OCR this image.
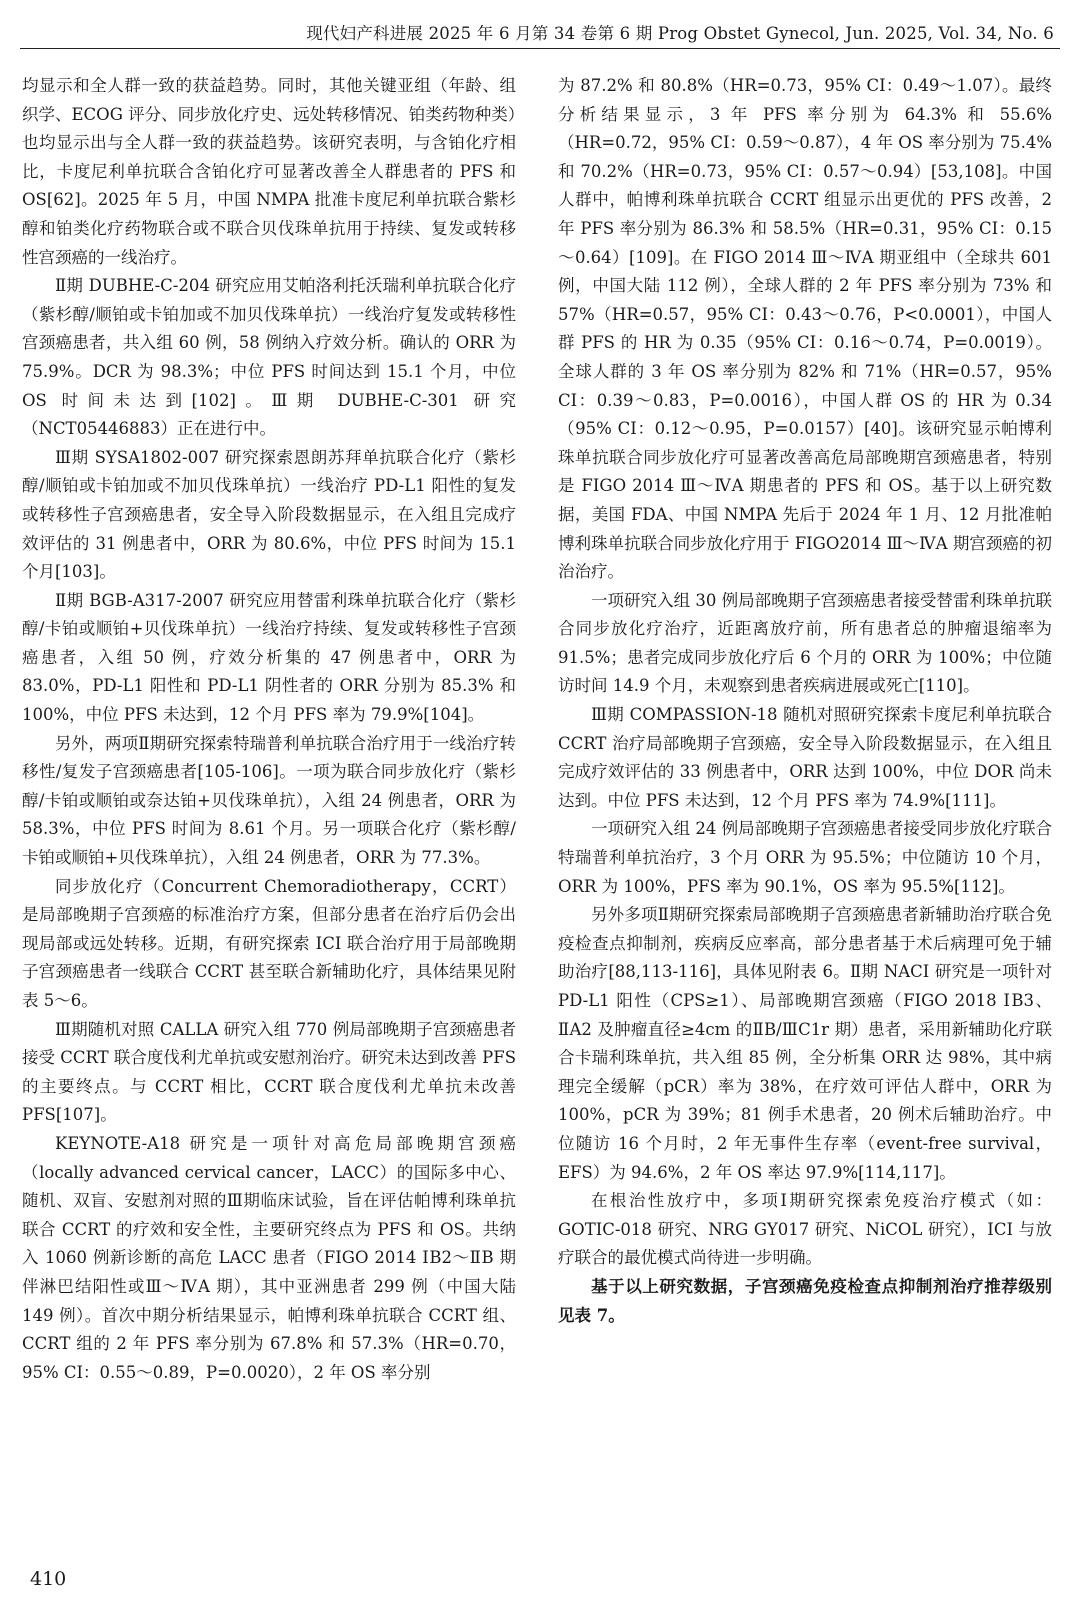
现代妇产科进展 2025 年 6 月第 34 卷第 6 期 Prog Obstet Gynecol, Jun. 2025, Vol. 34, No. 6

均显示和全人群一致的获益趋势。同时，其他关键亚组（年龄、组织学、ECOG 评分、同步放化疗史、远处转移情况、铂类药物种类）也均显示出与全人群一致的获益趋势。该研究表明，与含铂化疗相比，卡度尼利单抗联合含铂化疗可显著改善全人群患者的 PFS 和 OS[62]。2025 年 5 月，中国 NMPA 批准卡度尼利单抗联合紫杉醇和铂类化疗药物联合或不联合贝伐珠单抗用于持续、复发或转移性宫颈癌的一线治疗。

Ⅱ期 DUBHE-C-204 研究应用艾帕洛利托沃瑞利单抗联合化疗（紫杉醇/顺铂或卡铂加或不加贝伐珠单抗）一线治疗复发或转移性宫颈癌患者，共入组 60 例，58 例纳入疗效分析。确认的 ORR 为 75.9%。DCR 为 98.3%；中位 PFS 时间达到 15.1 个月，中位 OS 时间未达到[102]。Ⅲ期 DUBHE-C-301 研究（NCT05446883）正在进行中。

Ⅲ期 SYSA1802-007 研究探索恩朗苏拜单抗联合化疗（紫杉醇/顺铂或卡铂加或不加贝伐珠单抗）一线治疗 PD-L1 阳性的复发或转移性子宫颈癌患者，安全导入阶段数据显示，在入组且完成疗效评估的 31 例患者中，ORR 为 80.6%，中位 PFS 时间为 15.1 个月[103]。

Ⅱ期 BGB-A317-2007 研究应用替雷利珠单抗联合化疗（紫杉醇/卡铂或顺铂+贝伐珠单抗）一线治疗持续、复发或转移性子宫颈癌患者，入组 50 例，疗效分析集的 47 例患者中，ORR 为 83.0%，PD-L1 阳性和 PD-L1 阴性者的 ORR 分别为 85.3% 和 100%，中位 PFS 未达到，12 个月 PFS 率为 79.9%[104]。

另外，两项Ⅱ期研究探索特瑞普利单抗联合治疗用于一线治疗转移性/复发子宫颈癌患者[105-106]。一项为联合同步放化疗（紫杉醇/卡铂或顺铂或奈达铂+贝伐珠单抗），入组 24 例患者，ORR 为 58.3%，中位 PFS 时间为 8.61 个月。另一项联合化疗（紫杉醇/卡铂或顺铂+贝伐珠单抗），入组 24 例患者，ORR 为 77.3%。

同步放化疗（Concurrent Chemoradiotherapy，CCRT）是局部晚期子宫颈癌的标准治疗方案，但部分患者在治疗后仍会出现局部或远处转移。近期，有研究探索 ICI 联合治疗用于局部晚期子宫颈癌患者一线联合 CCRT 甚至联合新辅助化疗，具体结果见附表 5～6。

Ⅲ期随机对照 CALLA 研究入组 770 例局部晚期子宫颈癌患者接受 CCRT 联合度伐利尤单抗或安慰剂治疗。研究未达到改善 PFS 的主要终点。与 CCRT 相比，CCRT 联合度伐利尤单抗未改善 PFS[107]。

KEYNOTE-A18 研究是一项针对高危局部晚期宫颈癌（locally advanced cervical cancer，LACC）的国际多中心、随机、双盲、安慰剂对照的Ⅲ期临床试验，旨在评估帕博利珠单抗联合 CCRT 的疗效和安全性，主要研究终点为 PFS 和 OS。共纳入 1060 例新诊断的高危 LACC 患者（FIGO 2014 ⅠB2～ⅡB 期伴淋巴结阳性或Ⅲ～ⅣA 期），其中亚洲患者 299 例（中国大陆 149 例）。首次中期分析结果显示，帕博利珠单抗联合 CCRT 组、CCRT 组的 2 年 PFS 率分别为 67.8% 和 57.3%（HR=0.70，95% CI：0.55～0.89，P=0.0020），2 年 OS 率分别

为 87.2% 和 80.8%（HR=0.73，95% CI：0.49～1.07）。最终分析结果显示，3 年 PFS 率分别为 64.3% 和 55.6%（HR=0.72，95% CI：0.59～0.87），4 年 OS 率分别为 75.4% 和 70.2%（HR=0.73，95% CI：0.57～0.94）[53,108]。中国人群中，帕博利珠单抗联合 CCRT 组显示出更优的 PFS 改善，2 年 PFS 率分别为 86.3% 和 58.5%（HR=0.31，95% CI：0.15～0.64）[109]。在 FIGO 2014 Ⅲ～ⅣA 期亚组中（全球共 601 例，中国大陆 112 例），全球人群的 2 年 PFS 率分别为 73% 和 57%（HR=0.57，95% CI：0.43～0.76，P<0.0001），中国人群 PFS 的 HR 为 0.35（95% CI：0.16～0.74，P=0.0019）。全球人群的 3 年 OS 率分别为 82% 和 71%（HR=0.57，95% CI：0.39～0.83，P=0.0016），中国人群 OS 的 HR 为 0.34（95% CI：0.12～0.95，P=0.0157）[40]。该研究显示帕博利珠单抗联合同步放化疗可显著改善高危局部晚期宫颈癌患者，特别是 FIGO 2014 Ⅲ～ⅣA 期患者的 PFS 和 OS。基于以上研究数据，美国 FDA、中国 NMPA 先后于 2024 年 1 月、12 月批准帕博利珠单抗联合同步放化疗用于 FIGO2014 Ⅲ～ⅣA 期宫颈癌的初治治疗。

一项研究入组 30 例局部晚期子宫颈癌患者接受替雷利珠单抗联合同步放化疗治疗，近距离放疗前，所有患者总的肿瘤退缩率为 91.5%；患者完成同步放化疗后 6 个月的 ORR 为 100%；中位随访时间 14.9 个月，未观察到患者疾病进展或死亡[110]。

Ⅲ期 COMPASSION-18 随机对照研究探索卡度尼利单抗联合 CCRT 治疗局部晚期子宫颈癌，安全导入阶段数据显示，在入组且完成疗效评估的 33 例患者中，ORR 达到 100%，中位 DOR 尚未达到。中位 PFS 未达到，12 个月 PFS 率为 74.9%[111]。

一项研究入组 24 例局部晚期子宫颈癌患者接受同步放化疗联合特瑞普利单抗治疗，3 个月 ORR 为 95.5%；中位随访 10 个月，ORR 为 100%，PFS 率为 90.1%，OS 率为 95.5%[112]。

另外多项Ⅱ期研究探索局部晚期子宫颈癌患者新辅助治疗联合免疫检查点抑制剂，疾病反应率高，部分患者基于术后病理可免于辅助治疗[88,113-116]，具体见附表 6。Ⅱ期 NACI 研究是一项针对 PD-L1 阳性（CPS≥1）、局部晚期宫颈癌（FIGO 2018 ⅠB3、ⅡA2 及肿瘤直径≥4cm 的ⅡB/ⅢC1r 期）患者，采用新辅助化疗联合卡瑞利珠单抗，共入组 85 例，全分析集 ORR 达 98%，其中病理完全缓解（pCR）率为 38%，在疗效可评估人群中，ORR 为 100%，pCR 为 39%；81 例手术患者，20 例术后辅助治疗。中位随访 16 个月时，2 年无事件生存率（event-free survival，EFS）为 94.6%，2 年 OS 率达 97.9%[114,117]。

在根治性放疗中，多项Ⅰ期研究探索免疫治疗模式（如：GOTIC-018 研究、NRG GY017 研究、NiCOL 研究），ICI 与放疗联合的最优模式尚待进一步明确。

基于以上研究数据，子宫颈癌免疫检查点抑制剂治疗推荐级别见表 7。

410
